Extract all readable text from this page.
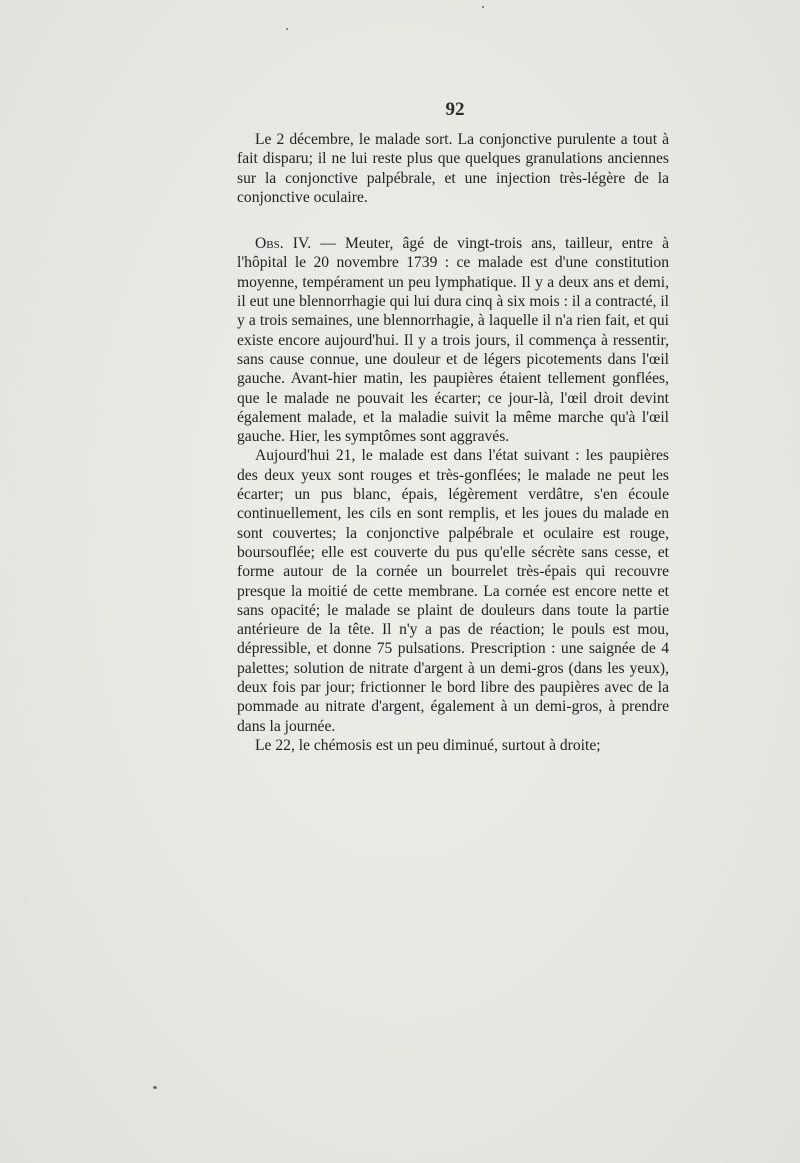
92

Le 2 décembre, le malade sort. La conjonctive purulente a tout à fait disparu; il ne lui reste plus que quelques granulations anciennes sur la conjonctive palpébrale, et une injection très-légère de la conjonctive oculaire.

Obs. IV. — Meuter, âgé de vingt-trois ans, tailleur, entre à l'hôpital le 20 novembre 1739 : ce malade est d'une constitution moyenne, tempérament un peu lymphatique. Il y a deux ans et demi, il eut une blennorrhagie qui lui dura cinq à six mois : il a contracté, il y a trois semaines, une blennorrhagie, à laquelle il n'a rien fait, et qui existe encore aujourd'hui. Il y a trois jours, il commença à ressentir, sans cause connue, une douleur et de légers picotements dans l'œil gauche. Avant-hier matin, les paupières étaient tellement gonflées, que le malade ne pouvait les écarter; ce jour-là, l'œil droit devint également malade, et la maladie suivit la même marche qu'à l'œil gauche. Hier, les symptômes sont aggravés.

Aujourd'hui 21, le malade est dans l'état suivant : les paupières des deux yeux sont rouges et très-gonflées; le malade ne peut les écarter; un pus blanc, épais, légèrement verdâtre, s'en écoule continuellement, les cils en sont remplis, et les joues du malade en sont couvertes; la conjonctive palpébrale et oculaire est rouge, boursouflée; elle est couverte du pus qu'elle sécrète sans cesse, et forme autour de la cornée un bourrelet très-épais qui recouvre presque la moitié de cette membrane. La cornée est encore nette et sans opacité; le malade se plaint de douleurs dans toute la partie antérieure de la tête. Il n'y a pas de réaction; le pouls est mou, dépressible, et donne 75 pulsations. Prescription : une saignée de 4 palettes; solution de nitrate d'argent à un demi-gros (dans les yeux), deux fois par jour; frictionner le bord libre des paupières avec de la pommade au nitrate d'argent, également à un demi-gros, à prendre dans la journée.

Le 22, le chémosis est un peu diminué, surtout à droite;
